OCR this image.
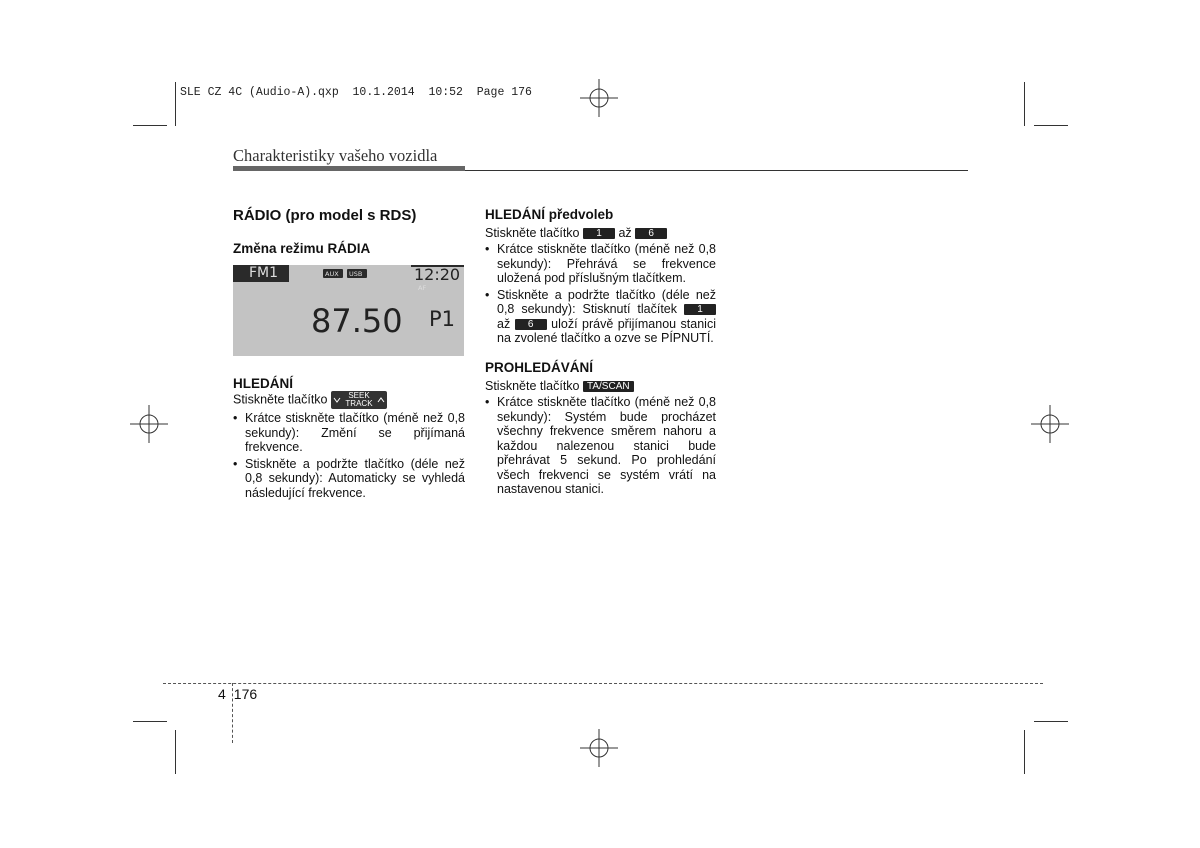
SLE CZ 4C (Audio-A).qxp  10.1.2014  10:52  Page 176
Charakteristiky vašeho vozidla
RÁDIO (pro model s RDS)
Změna režimu RÁDIA
FM1	AUX USB	12:20
AF
87.50 P1
HLEDÁNÍ
Stiskněte tlačítko	SEEK
TRACK
• Krátce stiskněte tlačítko (méně než 0,8 sekundy): Změní se přijímaná frekvence.
• Stiskněte a podržte tlačítko (déle než 0,8 sekundy): Automaticky se vyhledá následující frekvence.
HLEDÁNÍ předvoleb
Stiskněte tlačítko 1 až 6
• Krátce stiskněte tlačítko (méně než 0,8 sekundy): Přehrává se frekvence uložená pod příslušným tlačítkem.
• Stiskněte a podržte tlačítko (déle než 0,8 sekundy): Stisknutí tlačítek 1 až 6 uloží právě přijímanou stanici na zvolené tlačítko a ozve se PÍPNUTÍ.
PROHLEDÁVÁNÍ
Stiskněte tlačítko TA/SCAN
• Krátce stiskněte tlačítko (méně než 0,8 sekundy): Systém bude procházet všechny frekvence směrem nahoru a každou nalezenou stanici bude přehrávat 5 sekund. Po prohledání všech frekvenci se systém vrátí na nastavenou stanici.
4 176
